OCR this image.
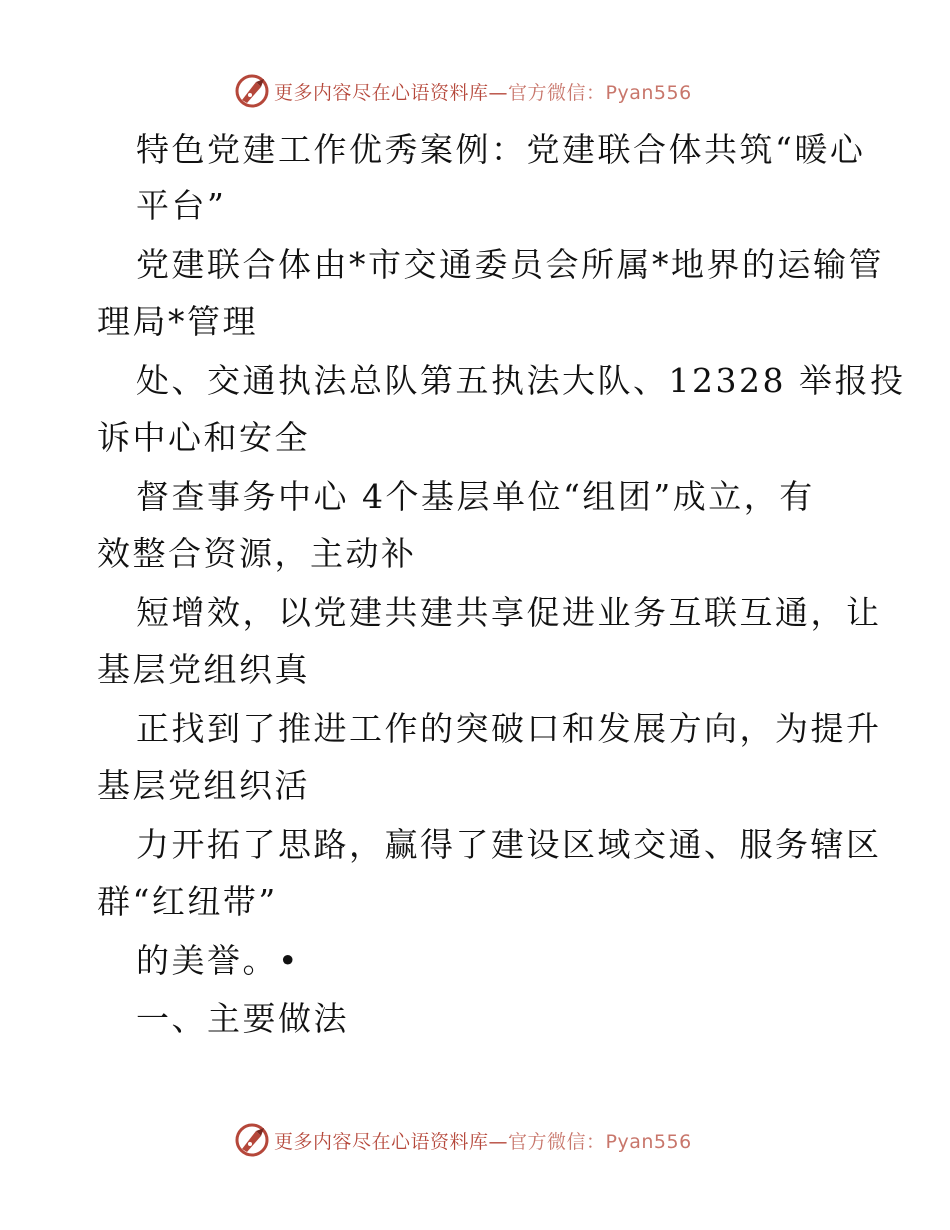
更多内容尽在心语资料库—官方微信：Pyan556
特色党建工作优秀案例：党建联合体共筑“暖心
平台”
党建联合体由*市交通委员会所属*地界的运输管
理局*管理
处、交通执法总队第五执法大队、12328 举报投
诉中心和安全
督查事务中心 4个基层单位“组团”成立，有
效整合资源，主动补
短增效，以党建共建共享促进业务互联互通，让
基层党组织真
正找到了推进工作的突破口和发展方向，为提升
基层党组织活
力开拓了思路，赢得了建设区域交通、服务辖区
群“红纽带”
的美誉。•
一、主要做法
更多内容尽在心语资料库—官方微信：Pyan556
